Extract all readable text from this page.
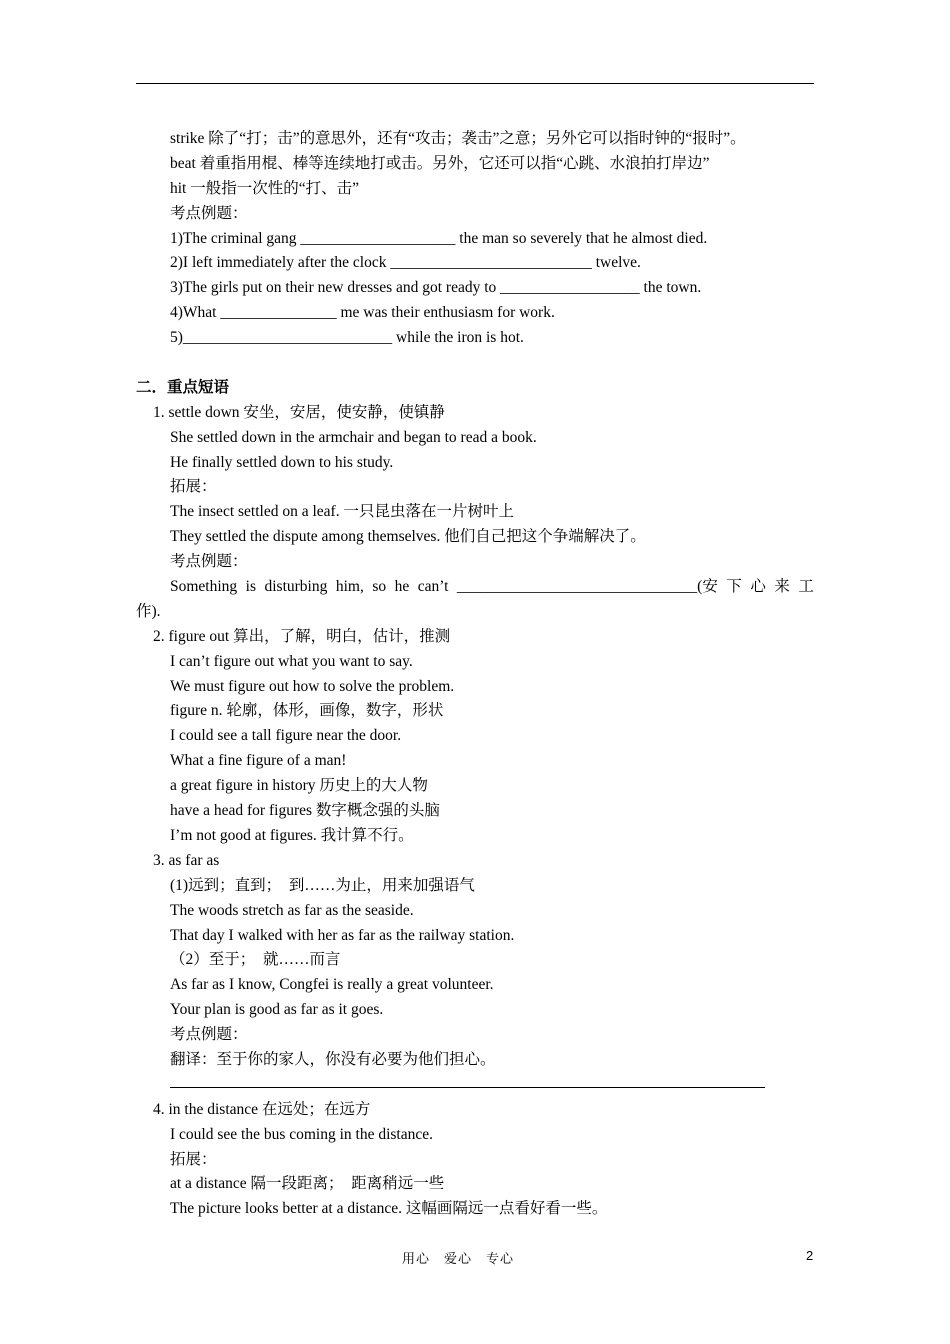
strike 除了“打；击”的意思外，还有“攻击；袭击”之意；另外它可以指时钟的“报时”。
beat 着重指用棍、棒等连续地打或击。另外，它还可以指“心跳、水浪拍打岸边”
hit 一般指一次性的“打、击”
考点例题：
1)The criminal gang ____________________ the man so severely that he almost died.
2)I left immediately after the clock __________________________ twelve.
3)The girls put on their new dresses and got ready to __________________ the town.
4)What _______________ me was their enthusiasm for work.
5)___________________________ while the iron is hot.
二．重点短语
1. settle down 安坐，安居，使安静，使镇静
She settled down in the armchair and began to read a book.
He finally settled down to his study.
拓展：
The insect settled on a leaf. 一只昆虫落在一片树叶上
They settled the dispute among themselves. 他们自己把这个争端解决了。
考点例题：
Something is disturbing him, so he can’t _______________________________(安 下 心 来 工
作).
2. figure out 算出，了解，明白，估计，推测
I can’t figure out what you want to say.
We must figure out how to solve the problem.
figure n. 轮廓，体形，画像，数字，形状
I could see a tall figure near the door.
What a fine figure of a man!
a great figure in history 历史上的大人物
have a head for figures 数字概念强的头脑
I’m not good at figures. 我计算不行。
3. as far as
(1)远到；直到；　到……为止，用来加强语气
The woods stretch as far as the seaside.
That day I walked with her as far as the railway station.
（2）至于；　就……而言
As far as I know, Congfei is really a great volunteer.
Your plan is good as far as it goes.
考点例题：
翻译：至于你的家人，你没有必要为他们担心。
4. in the distance 在远处；在远方
I could see the bus coming in the distance.
拓展：
at a distance 隔一段距离；　距离稍远一些
The picture looks better at a distance. 这幅画隔远一点看好看一些。
用心　爱心　专心	2
